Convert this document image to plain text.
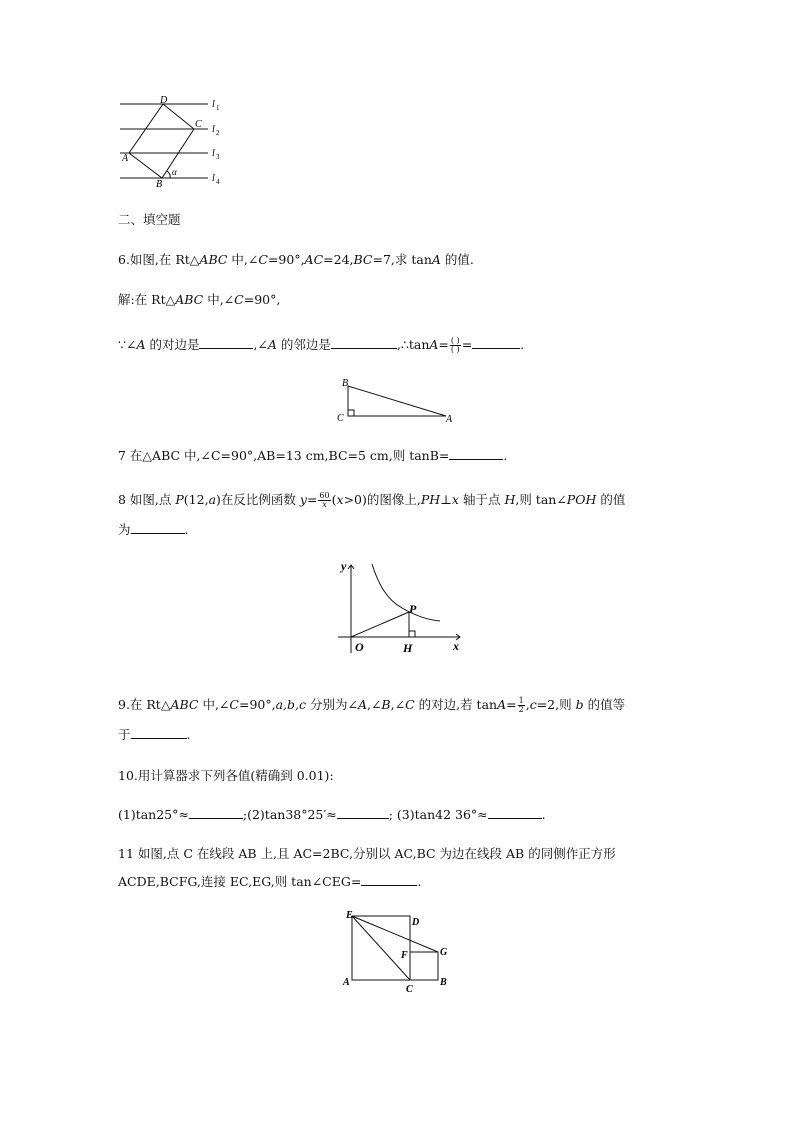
D
C
A
B
α
l 1
l 2
l 3
l 4
二、填空题
6.如图,在 Rt△ABC 中,∠C=90°,AC=24,BC=7,求 tanA 的值.
解:在 Rt△ABC 中,∠C=90°,
∵∠A 的对边是	,∠A 的邻边是	,∴tanA= $\frac{( )}{( )}$ =	.
B
C	A
7 在△ABC 中,∠C=90°,AB=13 cm,BC=5 cm,则 tanB=	.
8 如图,点 P(12,a)在反比例函数 $y= \frac{60}{x}(x>0)$的图像上,PH⊥x 轴于点 H,则 tan∠POH 的值
为	.
y
x
P
O	H
9.在 Rt△ABC 中,∠C=90°,a,b,c 分别为∠A,∠B,∠C 的对边,若 $\tan A= \frac{1}{2} ,c=2$,则 b 的值等
于	.
10.用计算器求下列各值(精确到 0.01):
(1)tan25°≈	;(2)tan38°25′≈	; (3)tan42 36°≈	.
11 如图,点 C 在线段 AB 上,且 AC=2BC,分别以 AC,BC 为边在线段 AB 的同侧作正方形
ACDE,BCFG,连接 EC,EG,则 tan∠CEG=	.
E
D
G
F
A
C
B
